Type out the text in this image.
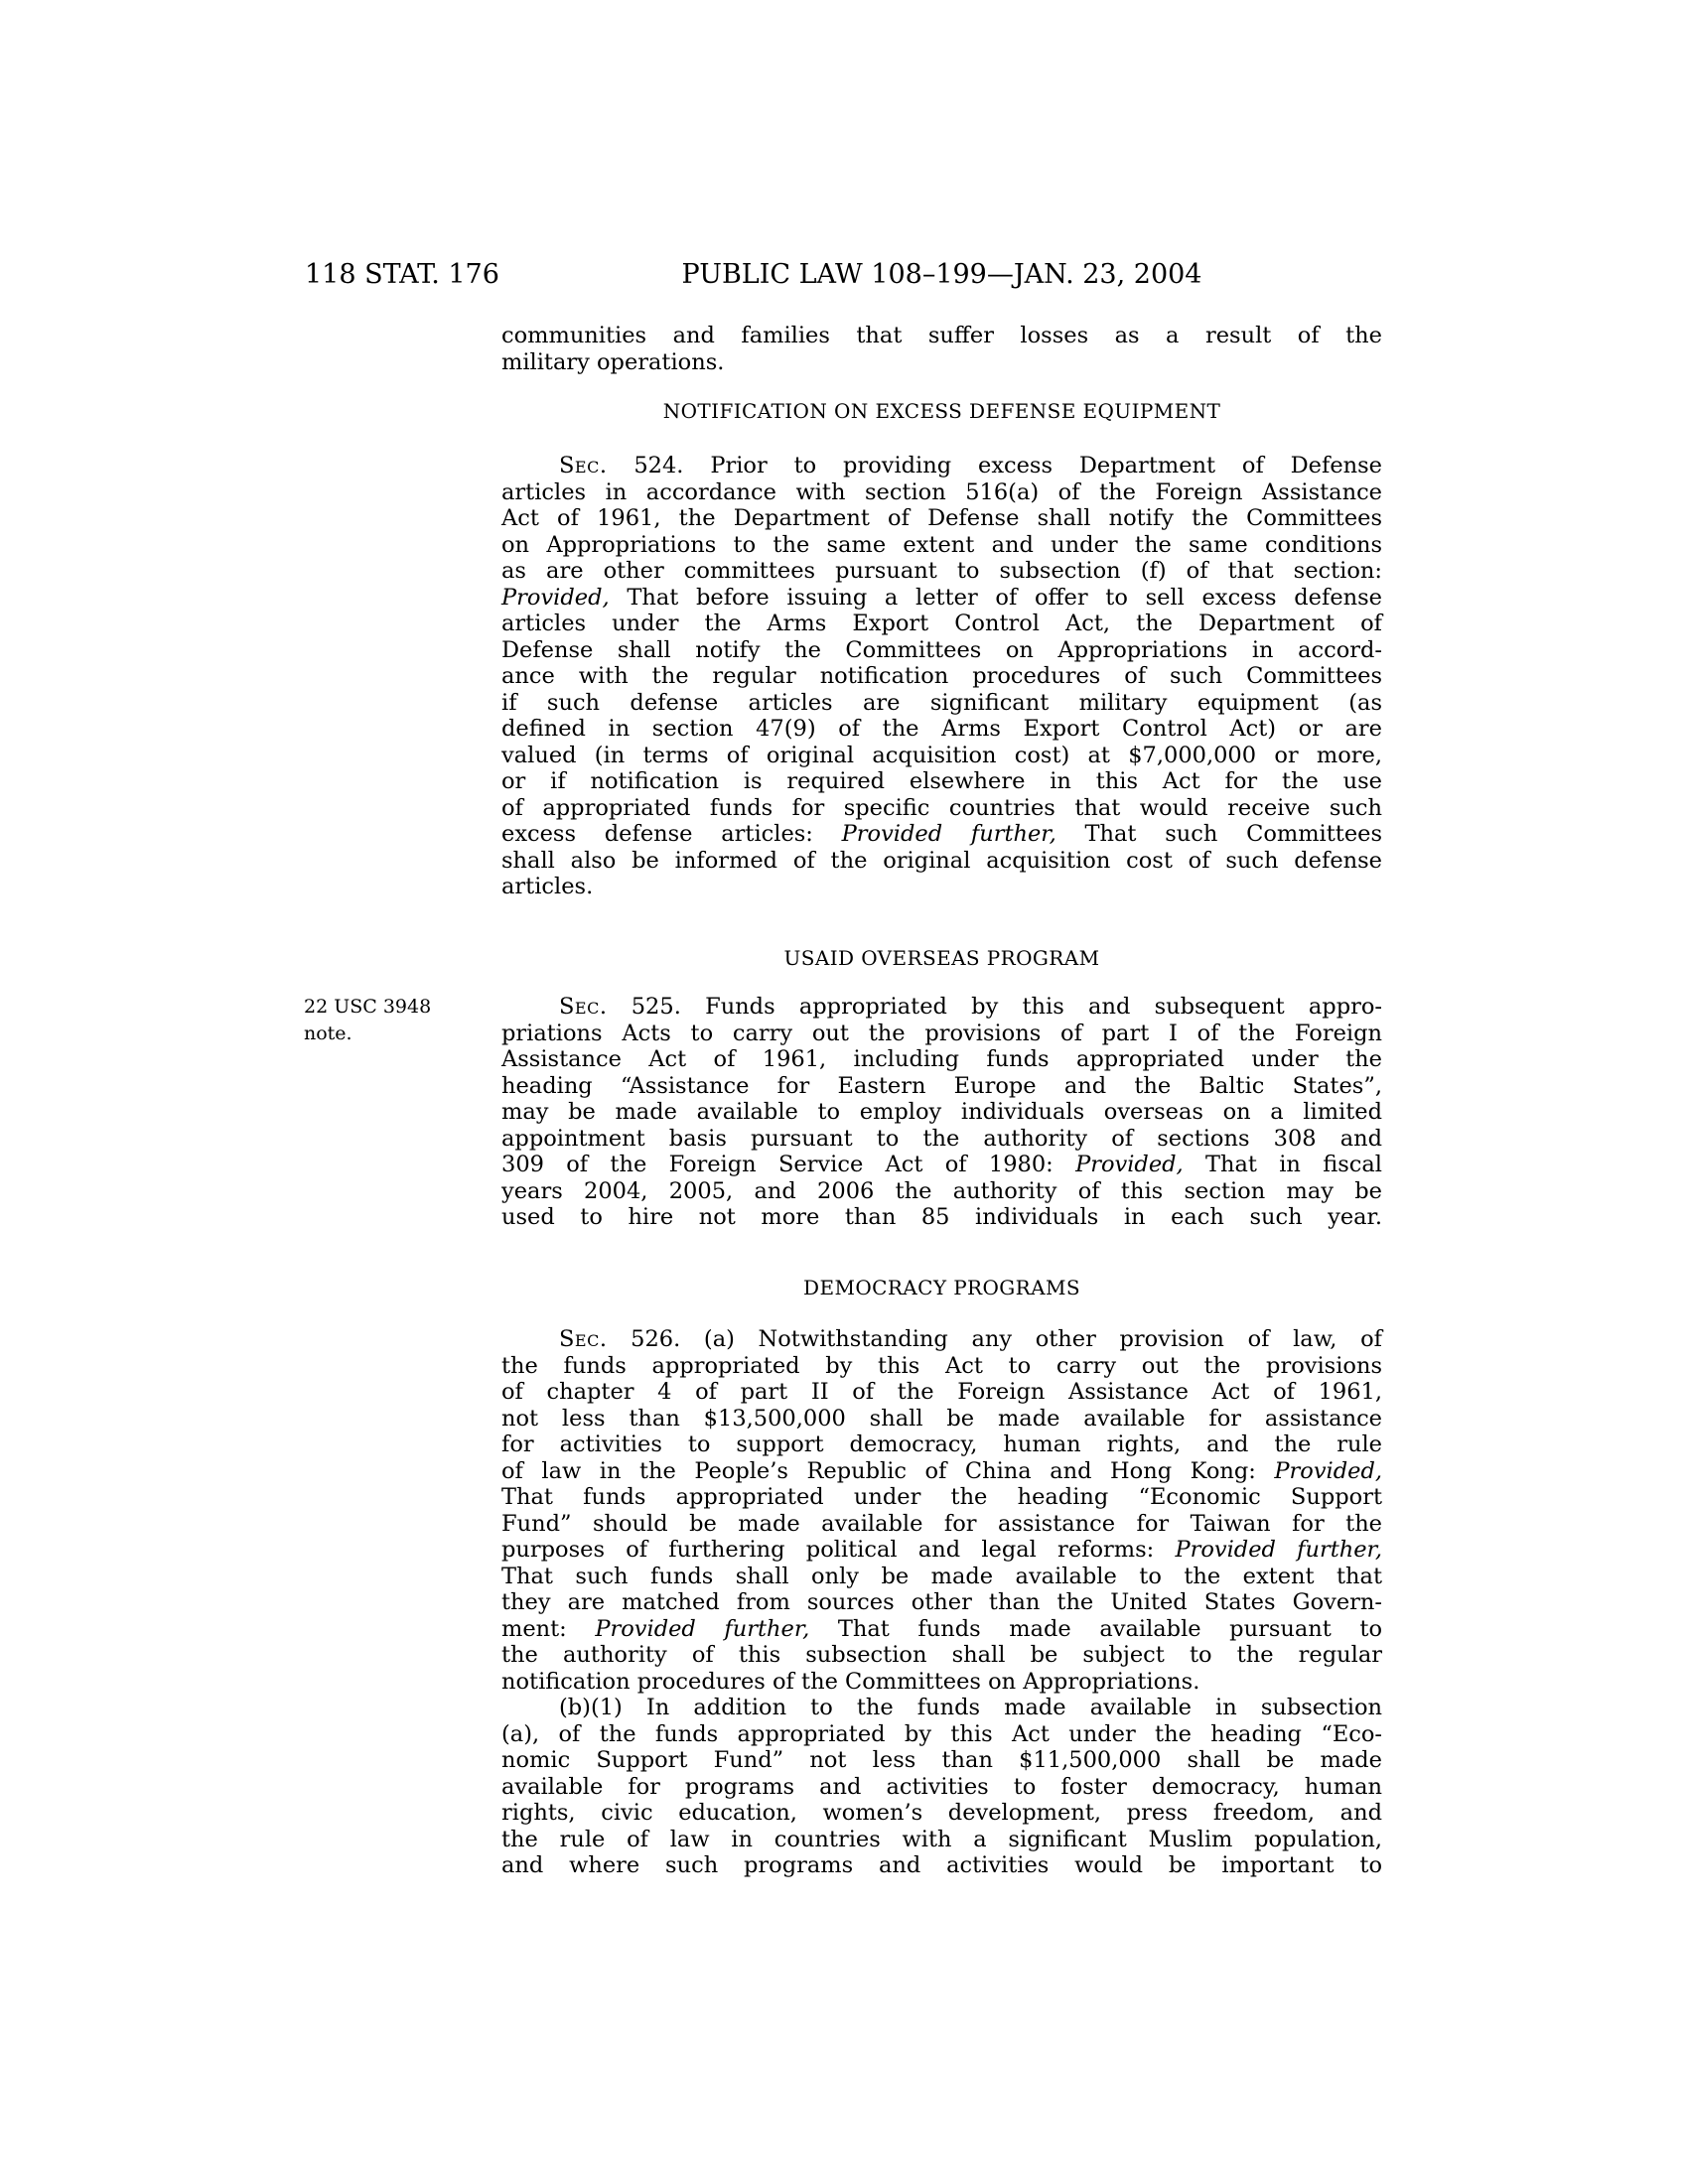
118 STAT. 176	PUBLIC LAW 108–199—JAN. 23, 2004
22 USC 3948
note.
communities and families that suffer losses as a result of the
military operations.
NOTIFICATION ON EXCESS DEFENSE EQUIPMENT
Sec. 524. Prior to providing excess Department of Defense
articles in accordance with section 516(a) of the Foreign Assistance
Act of 1961, the Department of Defense shall notify the Committees
on Appropriations to the same extent and under the same conditions
as are other committees pursuant to subsection (f) of that section:
Provided, That before issuing a letter of offer to sell excess defense
articles under the Arms Export Control Act, the Department of
Defense shall notify the Committees on Appropriations in accord-
ance with the regular notification procedures of such Committees
if such defense articles are significant military equipment (as
defined in section 47(9) of the Arms Export Control Act) or are
valued (in terms of original acquisition cost) at $7,000,000 or more,
or if notification is required elsewhere in this Act for the use
of appropriated funds for specific countries that would receive such
excess defense articles: Provided further, That such Committees
shall also be informed of the original acquisition cost of such defense
articles.
USAID OVERSEAS PROGRAM
Sec. 525. Funds appropriated by this and subsequent appro-
priations Acts to carry out the provisions of part I of the Foreign
Assistance Act of 1961, including funds appropriated under the
heading “Assistance for Eastern Europe and the Baltic States”,
may be made available to employ individuals overseas on a limited
appointment basis pursuant to the authority of sections 308 and
309 of the Foreign Service Act of 1980: Provided, That in fiscal
years 2004, 2005, and 2006 the authority of this section may be
used to hire not more than 85 individuals in each such year.
DEMOCRACY PROGRAMS
Sec. 526. (a) Notwithstanding any other provision of law, of
the funds appropriated by this Act to carry out the provisions
of chapter 4 of part II of the Foreign Assistance Act of 1961,
not less than $13,500,000 shall be made available for assistance
for activities to support democracy, human rights, and the rule
of law in the People’s Republic of China and Hong Kong: Provided,
That funds appropriated under the heading “Economic Support
Fund” should be made available for assistance for Taiwan for the
purposes of furthering political and legal reforms: Provided further,
That such funds shall only be made available to the extent that
they are matched from sources other than the United States Govern-
ment: Provided further, That funds made available pursuant to
the authority of this subsection shall be subject to the regular
notification procedures of the Committees on Appropriations.
(b)(1) In addition to the funds made available in subsection
(a), of the funds appropriated by this Act under the heading “Eco-
nomic Support Fund” not less than $11,500,000 shall be made
available for programs and activities to foster democracy, human
rights, civic education, women’s development, press freedom, and
the rule of law in countries with a significant Muslim population,
and where such programs and activities would be important to
